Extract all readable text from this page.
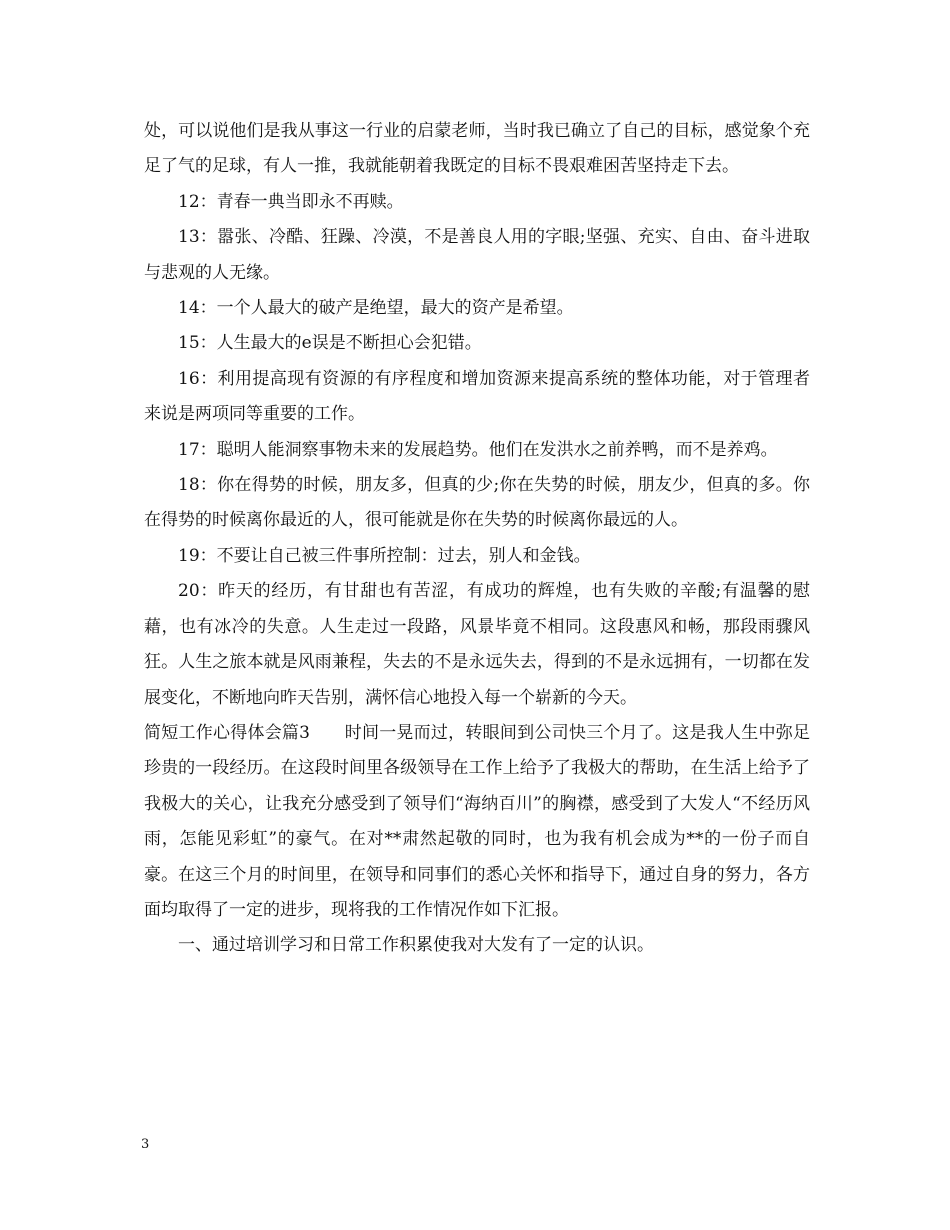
处，可以说他们是我从事这一行业的启蒙老师，当时我已确立了自己的目标，感觉象个充足了气的足球，有人一推，我就能朝着我既定的目标不畏艰难困苦坚持走下去。

12：青春一典当即永不再赎。

13：嚣张、冷酷、狂躁、冷漠，不是善良人用的字眼;坚强、充实、自由、奋斗进取与悲观的人无缘。

14：一个人最大的破产是绝望，最大的资产是希望。

15：人生最大的e误是不断担心会犯错。

16：利用提高现有资源的有序程度和增加资源来提高系统的整体功能，对于管理者来说是两项同等重要的工作。

17：聪明人能洞察事物未来的发展趋势。他们在发洪水之前养鸭，而不是养鸡。

18：你在得势的时候，朋友多，但真的少;你在失势的时候，朋友少，但真的多。你在得势的时候离你最近的人，很可能就是你在失势的时候离你最远的人。

19：不要让自己被三件事所控制：过去，别人和金钱。

20：昨天的经历，有甘甜也有苦涩，有成功的辉煌，也有失败的辛酸;有温馨的慰藉，也有冰冷的失意。人生走过一段路，风景毕竟不相同。这段惠风和畅，那段雨骤风狂。人生之旅本就是风雨兼程，失去的不是永远失去，得到的不是永远拥有，一切都在发展变化，不断地向昨天告别，满怀信心地投入每一个崭新的今天。

简短工作心得体会篇3　　时间一晃而过，转眼间到公司快三个月了。这是我人生中弥足珍贵的一段经历。在这段时间里各级领导在工作上给予了我极大的帮助，在生活上给予了我极大的关心，让我充分感受到了领导们“海纳百川”的胸襟，感受到了大发人“不经历风雨，怎能见彩虹”的豪气。在对**肃然起敬的同时，也为我有机会成为**的一份子而自豪。在这三个月的时间里，在领导和同事们的悉心关怀和指导下，通过自身的努力，各方面均取得了一定的进步，现将我的工作情况作如下汇报。

一、通过培训学习和日常工作积累使我对大发有了一定的认识。

3
